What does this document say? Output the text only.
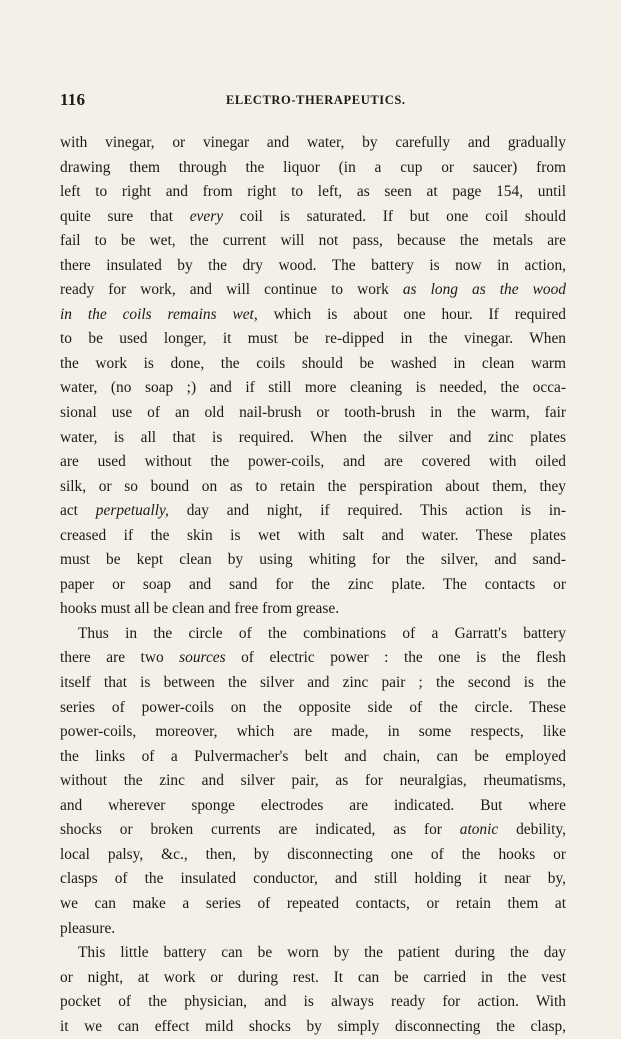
116	ELECTRO-THERAPEUTICS.
with vinegar, or vinegar and water, by carefully and gradually
drawing them through the liquor (in a cup or saucer) from
left to right and from right to left, as seen at page 154, until
quite sure that every coil is saturated. If but one coil should
fail to be wet, the current will not pass, because the metals are
there insulated by the dry wood. The battery is now in action,
ready for work, and will continue to work as long as the wood
in the coils remains wet, which is about one hour. If required
to be used longer, it must be re-dipped in the vinegar. When
the work is done, the coils should be washed in clean warm
water, (no soap ;) and if still more cleaning is needed, the occa-
sional use of an old nail-brush or tooth-brush in the warm, fair
water, is all that is required. When the silver and zinc plates
are used without the power-coils, and are covered with oiled
silk, or so bound on as to retain the perspiration about them, they
act perpetually, day and night, if required. This action is in-
creased if the skin is wet with salt and water. These plates
must be kept clean by using whiting for the silver, and sand-
paper or soap and sand for the zinc plate. The contacts or
hooks must all be clean and free from grease.
Thus in the circle of the combinations of a Garratt's battery
there are two sources of electric power : the one is the flesh
itself that is between the silver and zinc pair ; the second is the
series of power-coils on the opposite side of the circle. These
power-coils, moreover, which are made, in some respects, like
the links of a Pulvermacher's belt and chain, can be employed
without the zinc and silver pair, as for neuralgias, rheumatisms,
and wherever sponge electrodes are indicated. But where
shocks or broken currents are indicated, as for atonic debility,
local palsy, &c., then, by disconnecting one of the hooks or
clasps of the insulated conductor, and still holding it near by,
we can make a series of repeated contacts, or retain them at
pleasure.
This little battery can be worn by the patient during the day
or night, at work or during rest. It can be carried in the vest
pocket of the physician, and is always ready for action. With
it we can effect mild shocks by simply disconnecting the clasp,
